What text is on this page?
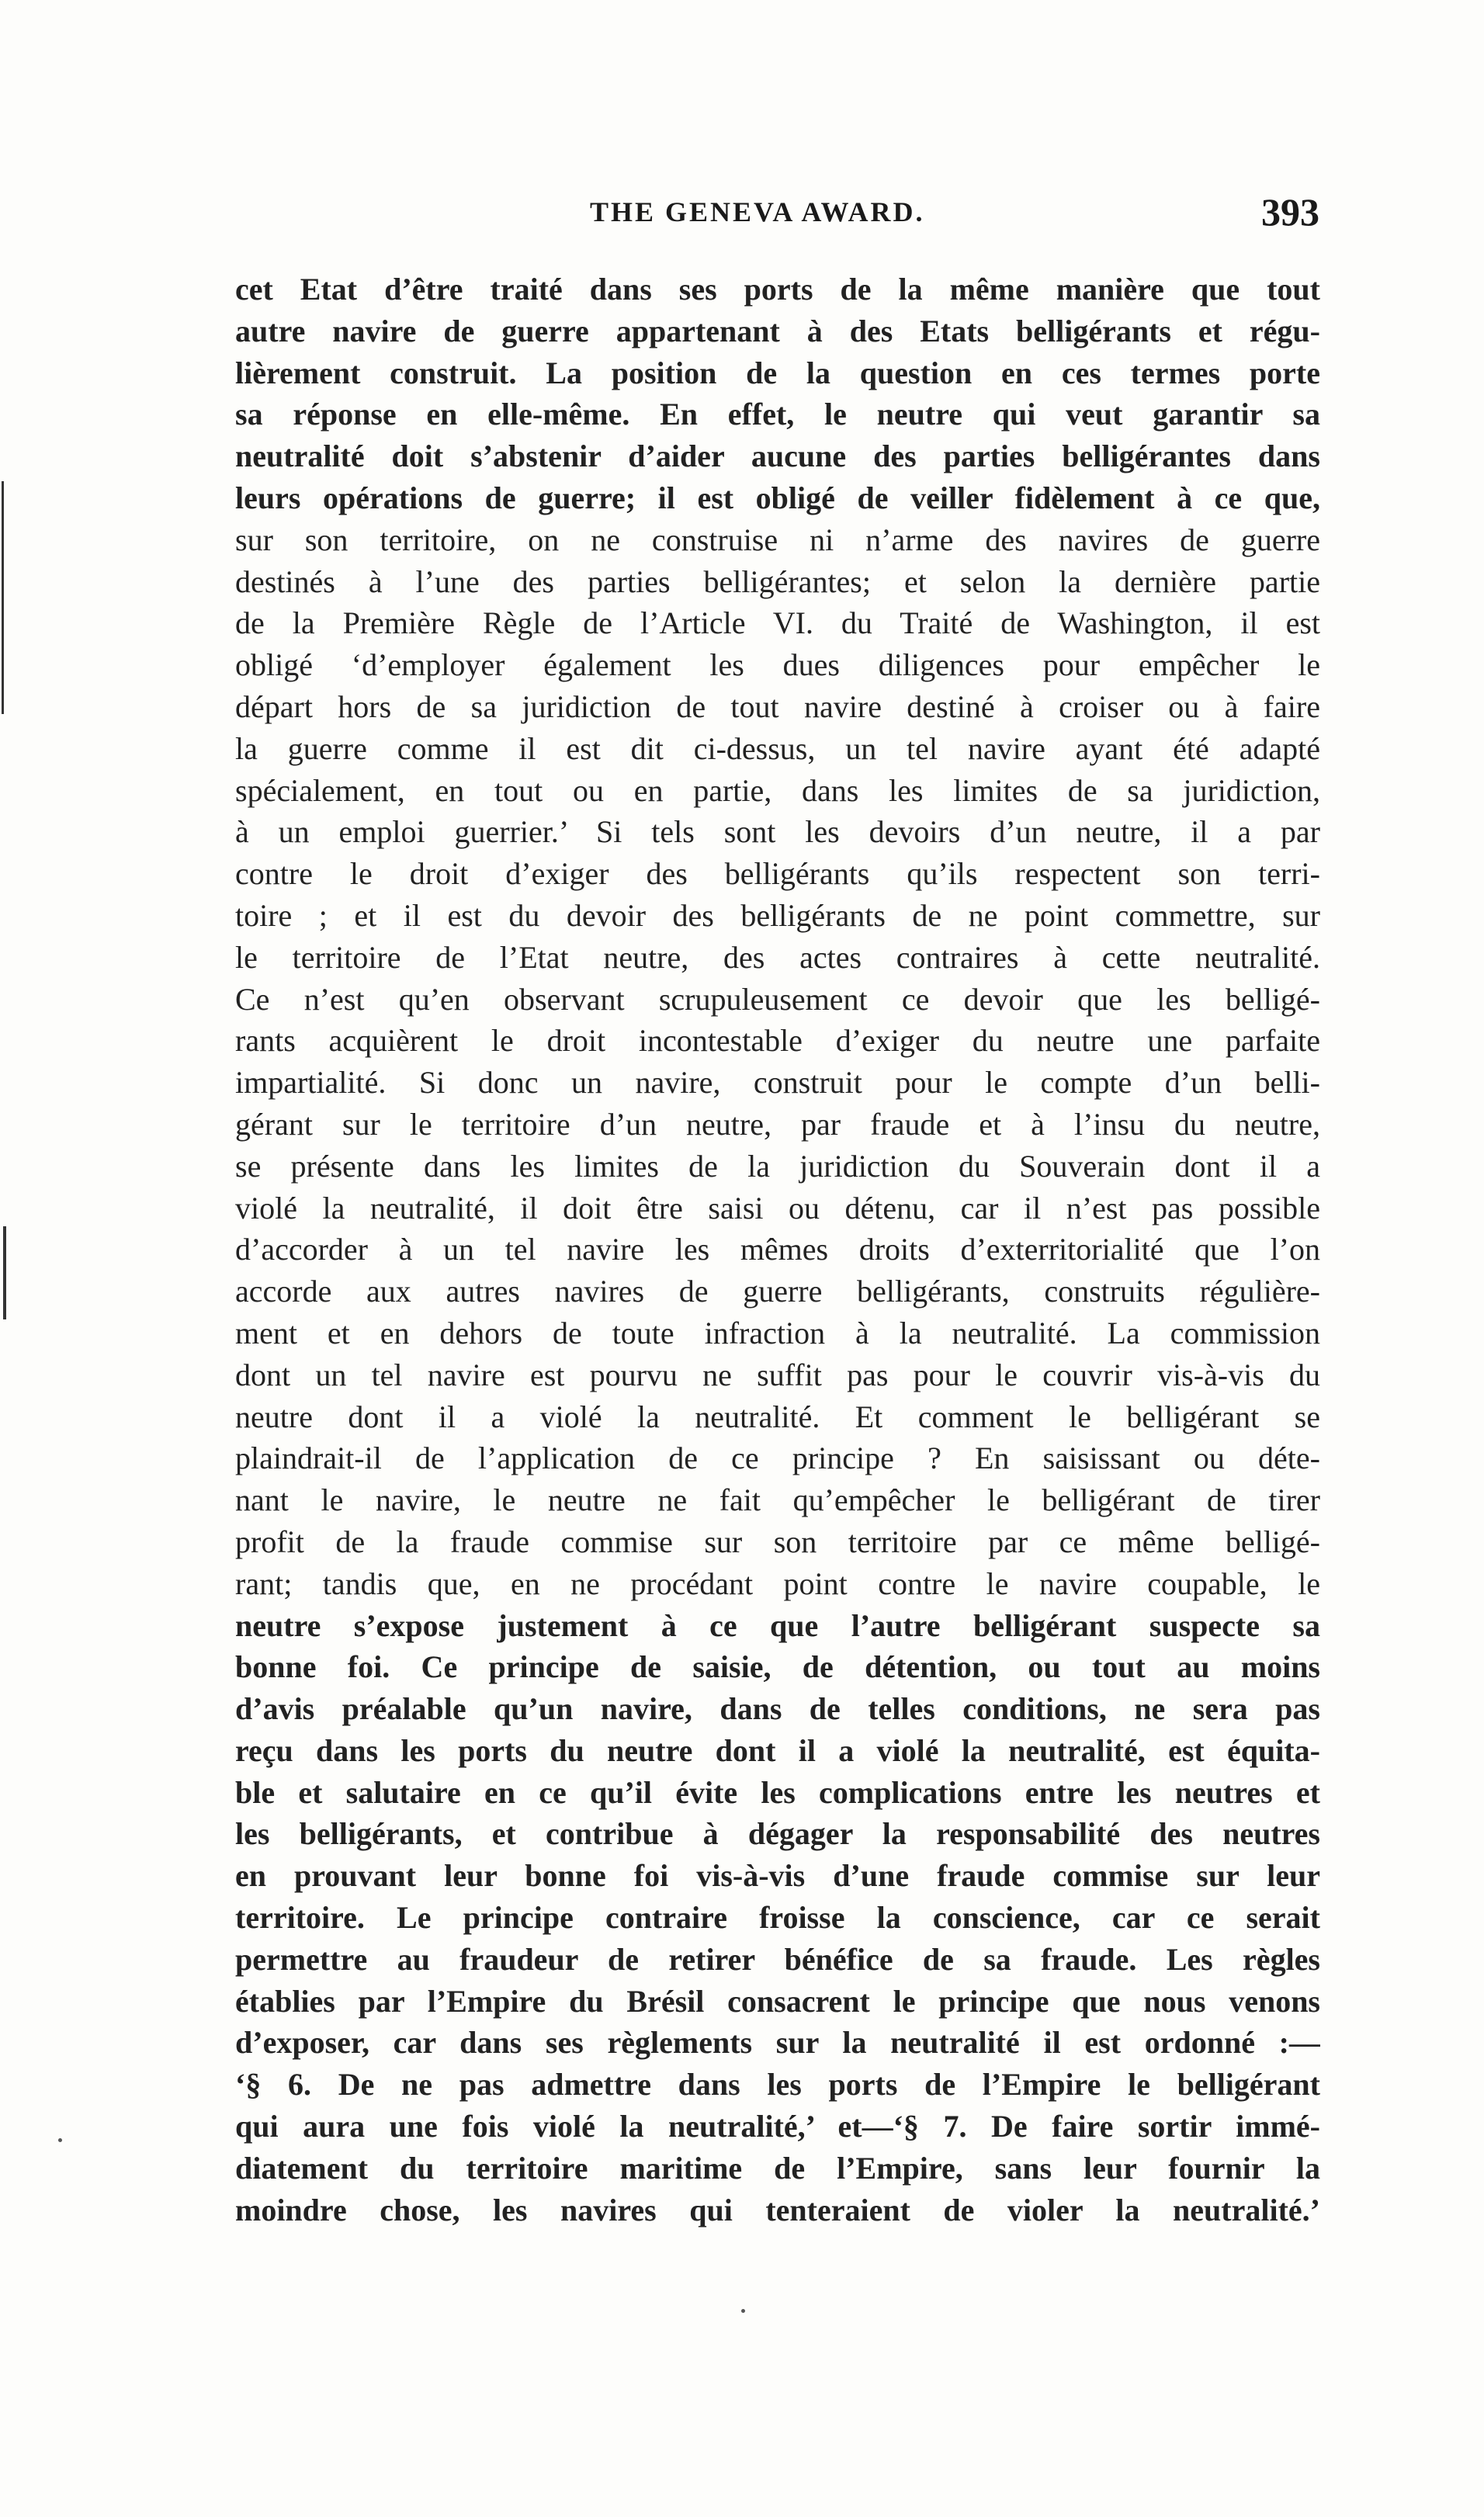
THE GENEVA AWARD.	393
cet Etat d’être traité dans ses ports de la même manière que tout
autre navire de guerre appartenant à des Etats belligérants et régu-
lièrement construit. La position de la question en ces termes porte
sa réponse en elle-même. En effet, le neutre qui veut garantir sa
neutralité doit s’abstenir d’aider aucune des parties belligérantes dans
leurs opérations de guerre; il est obligé de veiller fidèlement à ce que,
sur son territoire, on ne construise ni n’arme des navires de guerre
destinés à l’une des parties belligérantes; et selon la dernière partie
de la Première Règle de l’Article VI. du Traité de Washington, il est
obligé ‘d’employer également les dues diligences pour empêcher le
départ hors de sa juridiction de tout navire destiné à croiser ou à faire
la guerre comme il est dit ci-dessus, un tel navire ayant été adapté
spécialement, en tout ou en partie, dans les limites de sa juridiction,
à un emploi guerrier.’ Si tels sont les devoirs d’un neutre, il a par
contre le droit d’exiger des belligérants qu’ils respectent son terri-
toire ; et il est du devoir des belligérants de ne point commettre, sur
le territoire de l’Etat neutre, des actes contraires à cette neutralité.
Ce n’est qu’en observant scrupuleusement ce devoir que les belligé-
rants acquièrent le droit incontestable d’exiger du neutre une parfaite
impartialité. Si donc un navire, construit pour le compte d’un belli-
gérant sur le territoire d’un neutre, par fraude et à l’insu du neutre,
se présente dans les limites de la juridiction du Souverain dont il a
violé la neutralité, il doit être saisi ou détenu, car il n’est pas possible
d’accorder à un tel navire les mêmes droits d’exterritorialité que l’on
accorde aux autres navires de guerre belligérants, construits régulière-
ment et en dehors de toute infraction à la neutralité. La commission
dont un tel navire est pourvu ne suffit pas pour le couvrir vis-à-vis du
neutre dont il a violé la neutralité. Et comment le belligérant se
plaindrait-il de l’application de ce principe ? En saisissant ou déte-
nant le navire, le neutre ne fait qu’empêcher le belligérant de tirer
profit de la fraude commise sur son territoire par ce même belligé-
rant; tandis que, en ne procédant point contre le navire coupable, le
neutre s’expose justement à ce que l’autre belligérant suspecte sa
bonne foi. Ce principe de saisie, de détention, ou tout au moins
d’avis préalable qu’un navire, dans de telles conditions, ne sera pas
reçu dans les ports du neutre dont il a violé la neutralité, est équita-
ble et salutaire en ce qu’il évite les complications entre les neutres et
les belligérants, et contribue à dégager la responsabilité des neutres
en prouvant leur bonne foi vis-à-vis d’une fraude commise sur leur
territoire. Le principe contraire froisse la conscience, car ce serait
permettre au fraudeur de retirer bénéfice de sa fraude. Les règles
établies par l’Empire du Brésil consacrent le principe que nous venons
d’exposer, car dans ses règlements sur la neutralité il est ordonné :—
‘§ 6. De ne pas admettre dans les ports de l’Empire le belligérant
qui aura une fois violé la neutralité,’ et—‘§ 7. De faire sortir immé-
diatement du territoire maritime de l’Empire, sans leur fournir la
moindre chose, les navires qui tenteraient de violer la neutralité.’
